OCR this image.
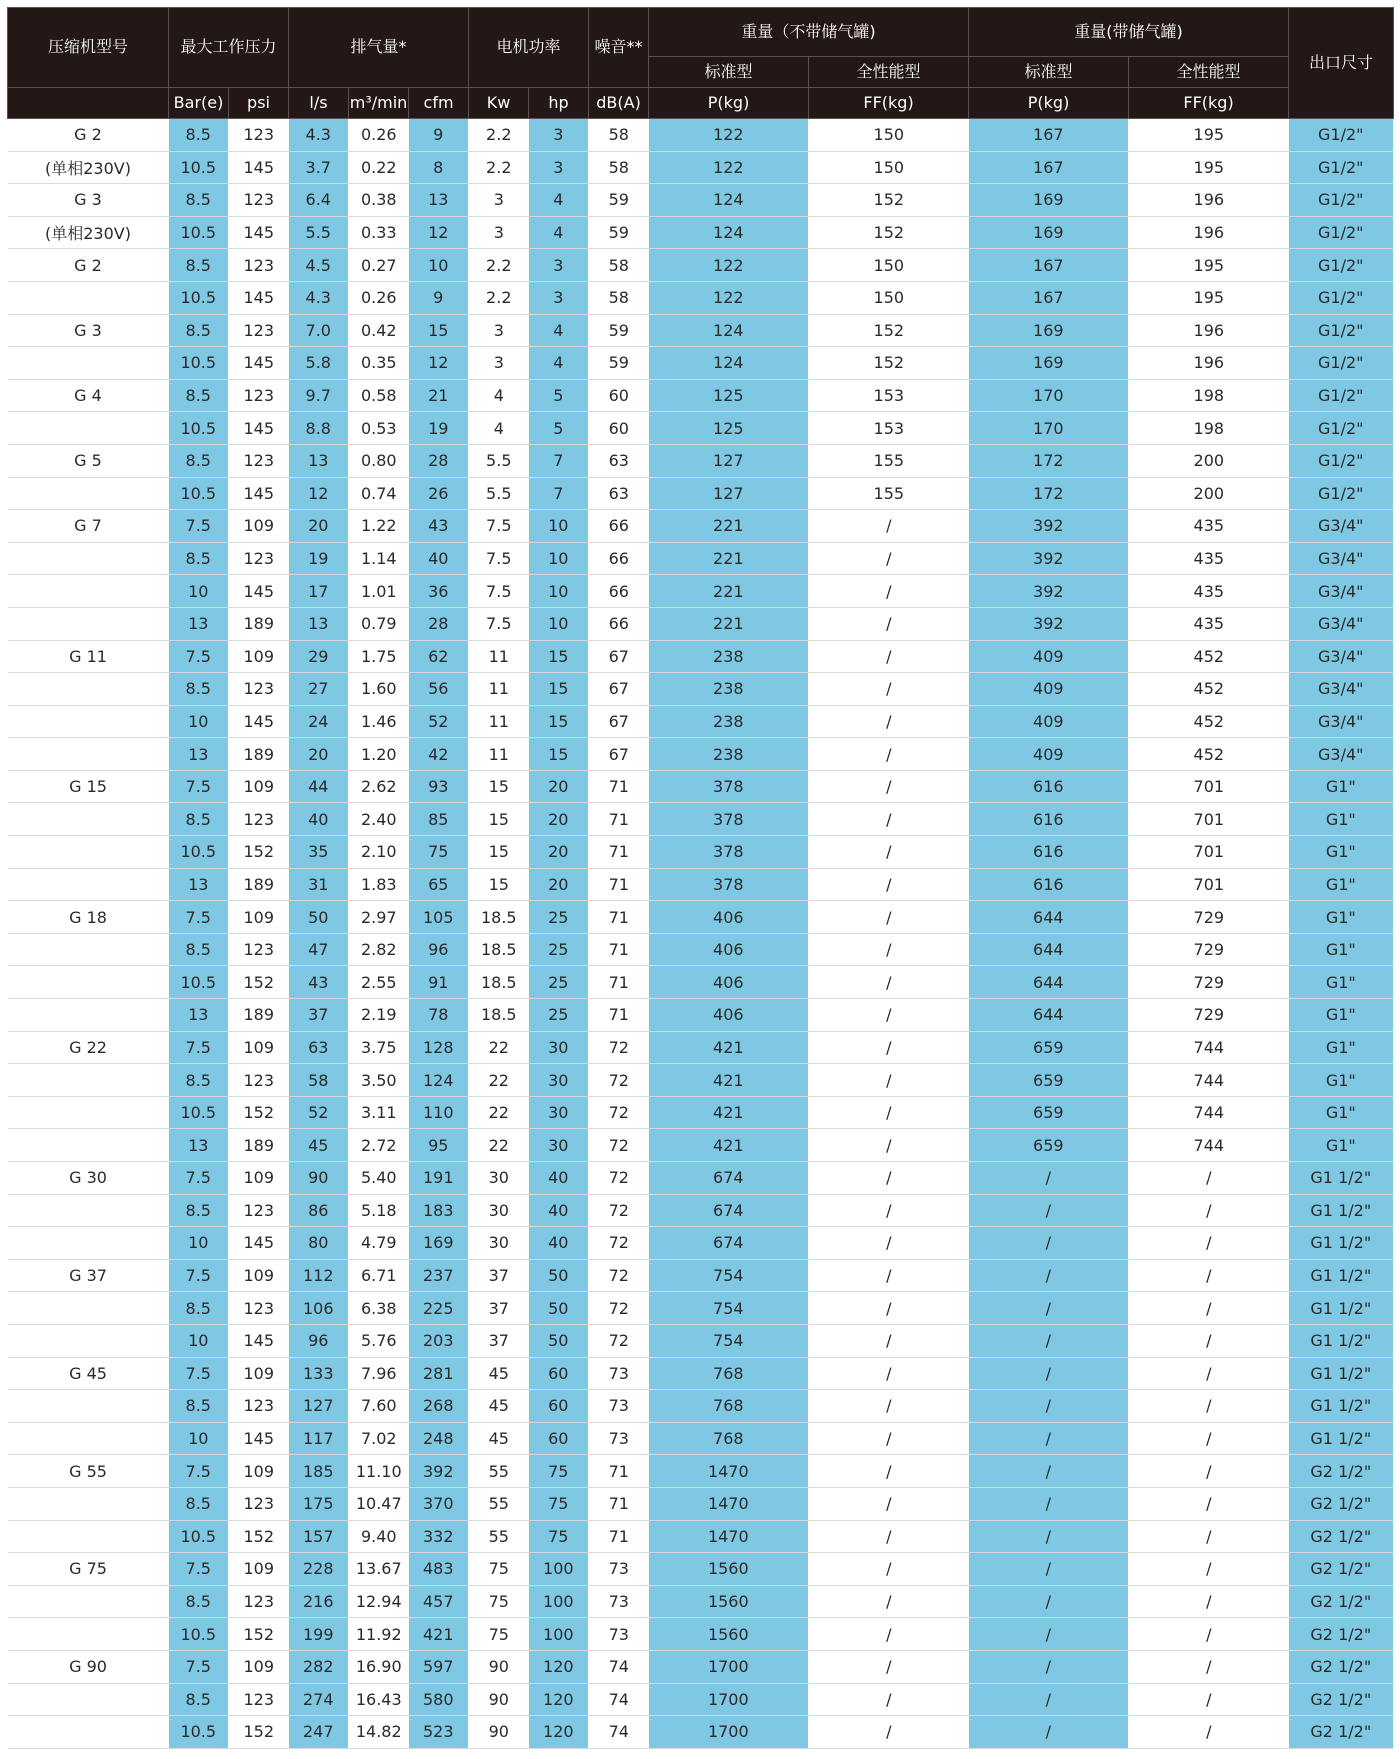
压缩机型号	最大工作压力		排气量*			电机功率		噪音**	重量（不带储气罐)		重量(带储气罐)		出口尺寸
									标准型	全性能型	标准型	全性能型	
	Bar(e)	psi	l/s	m³/min	cfm	Kw	hp	dB(A)	P(kg)	FF(kg)	P(kg)	FF(kg)	
G 2	8.5	123	4.3	0.26	9	2.2	3	58	122	150	167	195	G1/2"
(单相230V)	10.5	145	3.7	0.22	8	2.2	3	58	122	150	167	195	G1/2"
G 3	8.5	123	6.4	0.38	13	3	4	59	124	152	169	196	G1/2"
(单相230V)	10.5	145	5.5	0.33	12	3	4	59	124	152	169	196	G1/2"
G 2	8.5	123	4.5	0.27	10	2.2	3	58	122	150	167	195	G1/2"
	10.5	145	4.3	0.26	9	2.2	3	58	122	150	167	195	G1/2"
G 3	8.5	123	7.0	0.42	15	3	4	59	124	152	169	196	G1/2"
	10.5	145	5.8	0.35	12	3	4	59	124	152	169	196	G1/2"
G 4	8.5	123	9.7	0.58	21	4	5	60	125	153	170	198	G1/2"
	10.5	145	8.8	0.53	19	4	5	60	125	153	170	198	G1/2"
G 5	8.5	123	13	0.80	28	5.5	7	63	127	155	172	200	G1/2"
	10.5	145	12	0.74	26	5.5	7	63	127	155	172	200	G1/2"
G 7	7.5	109	20	1.22	43	7.5	10	66	221	/	392	435	G3/4"
	8.5	123	19	1.14	40	7.5	10	66	221	/	392	435	G3/4"
	10	145	17	1.01	36	7.5	10	66	221	/	392	435	G3/4"
	13	189	13	0.79	28	7.5	10	66	221	/	392	435	G3/4"
G 11	7.5	109	29	1.75	62	11	15	67	238	/	409	452	G3/4"
	8.5	123	27	1.60	56	11	15	67	238	/	409	452	G3/4"
	10	145	24	1.46	52	11	15	67	238	/	409	452	G3/4"
	13	189	20	1.20	42	11	15	67	238	/	409	452	G3/4"
G 15	7.5	109	44	2.62	93	15	20	71	378	/	616	701	G1"
	8.5	123	40	2.40	85	15	20	71	378	/	616	701	G1"
	10.5	152	35	2.10	75	15	20	71	378	/	616	701	G1"
	13	189	31	1.83	65	15	20	71	378	/	616	701	G1"
G 18	7.5	109	50	2.97	105	18.5	25	71	406	/	644	729	G1"
	8.5	123	47	2.82	96	18.5	25	71	406	/	644	729	G1"
	10.5	152	43	2.55	91	18.5	25	71	406	/	644	729	G1"
	13	189	37	2.19	78	18.5	25	71	406	/	644	729	G1"
G 22	7.5	109	63	3.75	128	22	30	72	421	/	659	744	G1"
	8.5	123	58	3.50	124	22	30	72	421	/	659	744	G1"
	10.5	152	52	3.11	110	22	30	72	421	/	659	744	G1"
	13	189	45	2.72	95	22	30	72	421	/	659	744	G1"
G 30	7.5	109	90	5.40	191	30	40	72	674	/	/	/	G1 1/2"
	8.5	123	86	5.18	183	30	40	72	674	/	/	/	G1 1/2"
	10	145	80	4.79	169	30	40	72	674	/	/	/	G1 1/2"
G 37	7.5	109	112	6.71	237	37	50	72	754	/	/	/	G1 1/2"
	8.5	123	106	6.38	225	37	50	72	754	/	/	/	G1 1/2"
	10	145	96	5.76	203	37	50	72	754	/	/	/	G1 1/2"
G 45	7.5	109	133	7.96	281	45	60	73	768	/	/	/	G1 1/2"
	8.5	123	127	7.60	268	45	60	73	768	/	/	/	G1 1/2"
	10	145	117	7.02	248	45	60	73	768	/	/	/	G1 1/2"
G 55	7.5	109	185	11.10	392	55	75	71	1470	/	/	/	G2 1/2"
	8.5	123	175	10.47	370	55	75	71	1470	/	/	/	G2 1/2"
	10.5	152	157	9.40	332	55	75	71	1470	/	/	/	G2 1/2"
G 75	7.5	109	228	13.67	483	75	100	73	1560	/	/	/	G2 1/2"
	8.5	123	216	12.94	457	75	100	73	1560	/	/	/	G2 1/2"
	10.5	152	199	11.92	421	75	100	73	1560	/	/	/	G2 1/2"
G 90	7.5	109	282	16.90	597	90	120	74	1700	/	/	/	G2 1/2"
	8.5	123	274	16.43	580	90	120	74	1700	/	/	/	G2 1/2"
	10.5	152	247	14.82	523	90	120	74	1700	/	/	/	G2 1/2"
